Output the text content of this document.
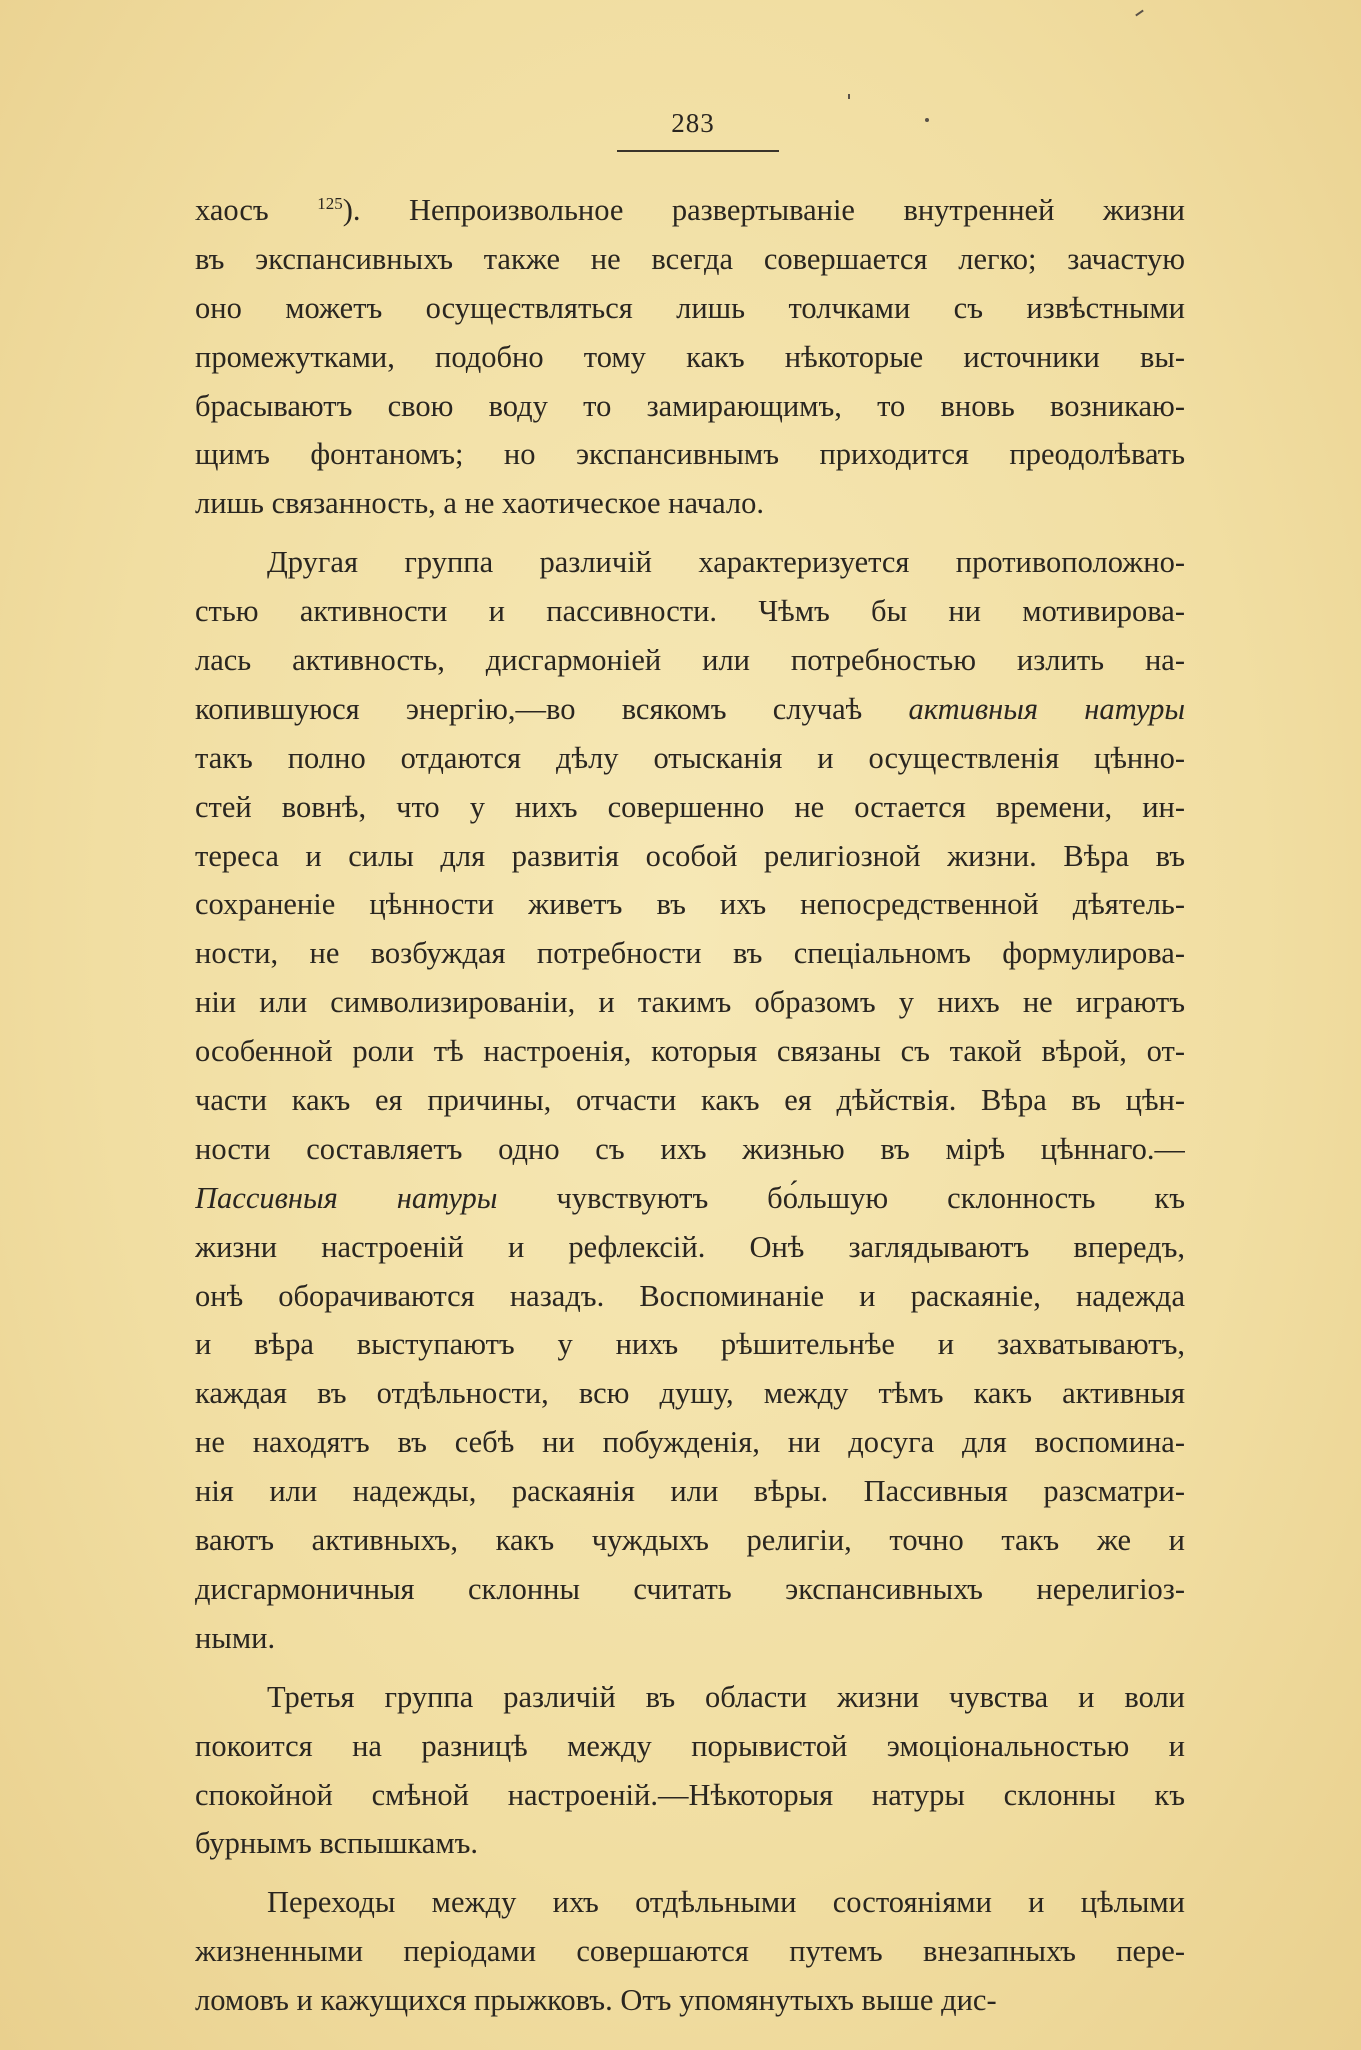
283
хаосъ $^{125}$). Непроизвольное развертываніе внутренней жизни
въ экспансивныхъ также не всегда совершается легко; зачастую
оно можетъ осуществляться лишь толчками съ извѣстными
промежутками, подобно тому какъ нѣкоторые источники вы-
брасываютъ свою воду то замирающимъ, то вновь возникаю-
щимъ фонтаномъ; но экспансивнымъ приходится преодолѣвать
лишь связанность, а не хаотическое начало.
Другая группа различій характеризуется противоположно-
стью активности и пассивности. Чѣмъ бы ни мотивирова-
лась активность, дисгармоніей или потребностью излить на-
копившуюся энергію,—во всякомъ случаѣ активныя натуры
такъ полно отдаются дѣлу отысканія и осуществленія цѣнно-
стей вовнѣ, что у нихъ совершенно не остается времени, ин-
тереса и силы для развитія особой религіозной жизни. Вѣра въ
сохраненіе цѣнности живетъ въ ихъ непосредственной дѣятель-
ности, не возбуждая потребности въ спеціальномъ формулирова-
ніи или символизированіи, и такимъ образомъ у нихъ не играютъ
особенной роли тѣ настроенія, которыя связаны съ такой вѣрой, от-
части какъ ея причины, отчасти какъ ея дѣйствія. Вѣра въ цѣн-
ности составляетъ одно съ ихъ жизнью въ мірѣ цѣннаго.—
Пассивныя натуры чувствуютъ бо́льшую склонность къ
жизни настроеній и рефлексій. Онѣ заглядываютъ впередъ,
онѣ оборачиваются назадъ. Воспоминаніе и раскаяніе, надежда
и вѣра выступаютъ у нихъ рѣшительнѣе и захватываютъ,
каждая въ отдѣльности, всю душу, между тѣмъ какъ активныя
не находятъ въ себѣ ни побужденія, ни досуга для воспомина-
нія или надежды, раскаянія или вѣры. Пассивныя разсматри-
ваютъ активныхъ, какъ чуждыхъ религіи, точно такъ же и
дисгармоничныя склонны считать экспансивныхъ нерелигіоз-
ными.
Третья группа различій въ области жизни чувства и воли
покоится на разницѣ между порывистой эмоціональностью и
спокойной смѣной настроеній.—Нѣкоторыя натуры склонны къ
бурнымъ вспышкамъ.
Переходы между ихъ отдѣльными состояніями и цѣлыми
жизненными періодами совершаются путемъ внезапныхъ пере-
ломовъ и кажущихся прыжковъ. Отъ упомянутыхъ выше дис-
